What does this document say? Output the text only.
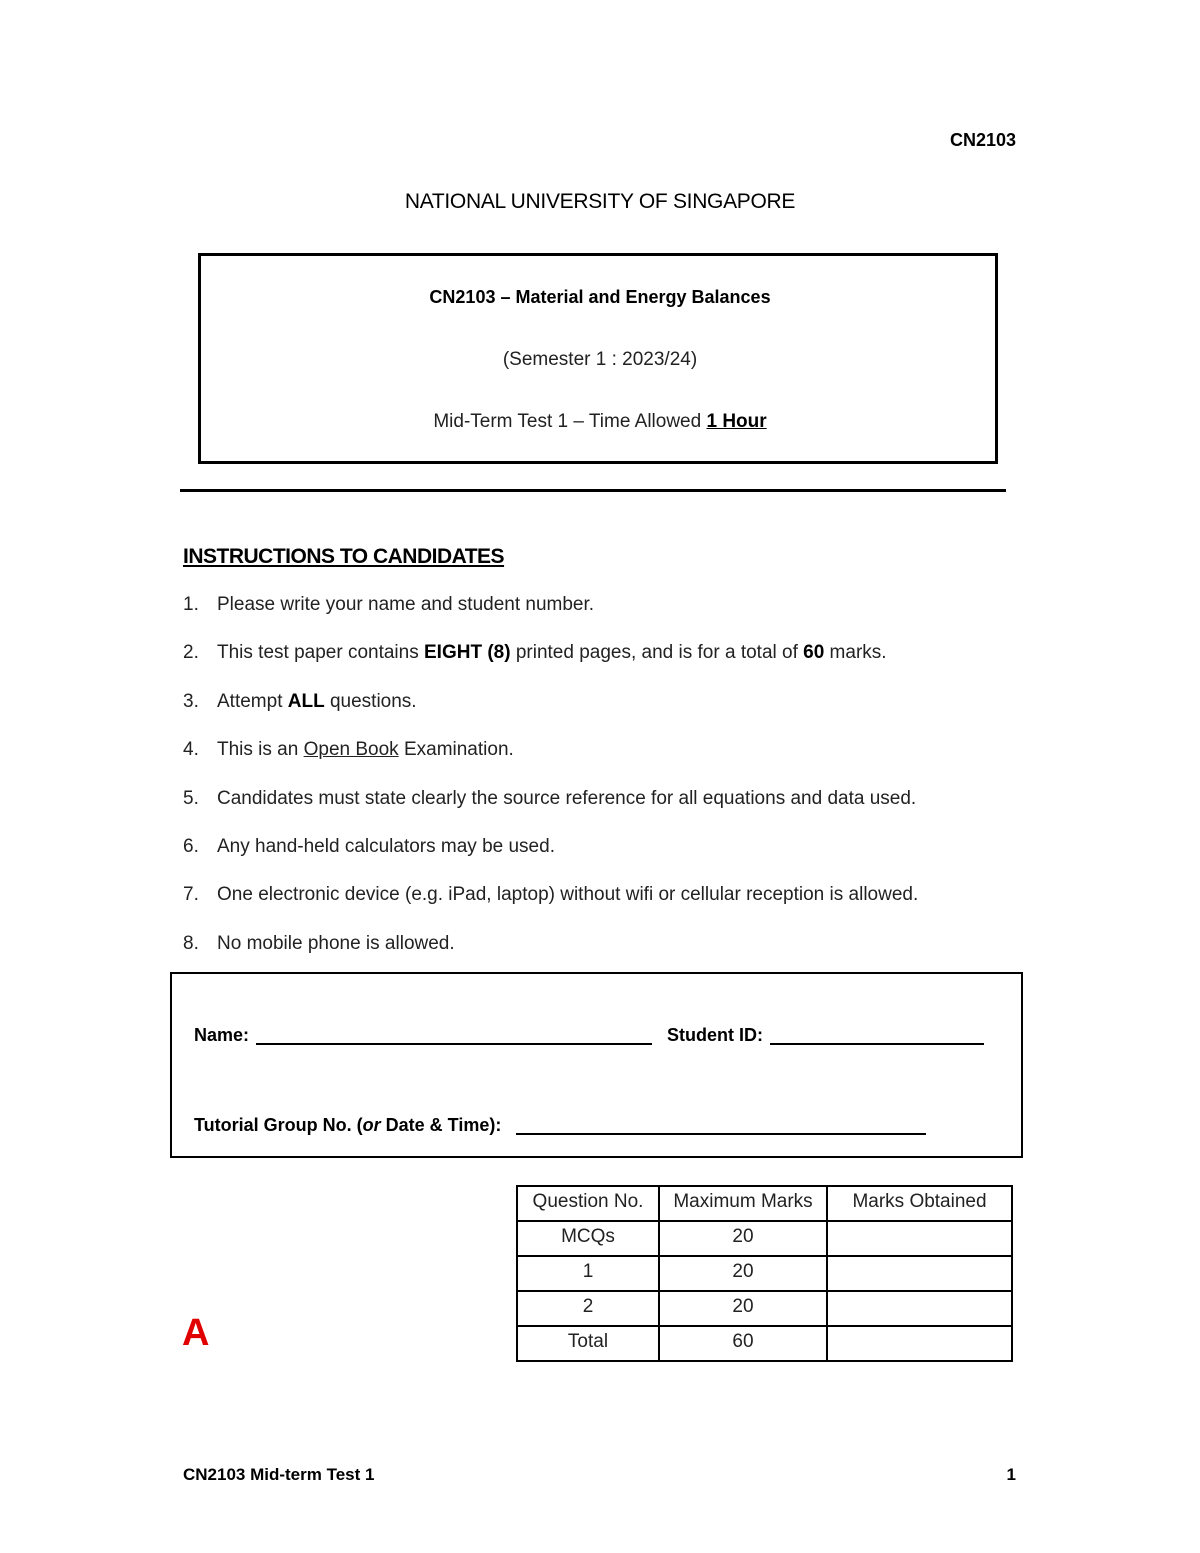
CN2103
NATIONAL UNIVERSITY OF SINGAPORE
CN2103 – Material and Energy Balances
(Semester 1 : 2023/24)
Mid-Term Test 1 – Time Allowed 1 Hour
INSTRUCTIONS TO CANDIDATES
1. Please write your name and student number.
2. This test paper contains EIGHT (8) printed pages, and is for a total of 60 marks.
3. Attempt ALL questions.
4. This is an Open Book Examination.
5. Candidates must state clearly the source reference for all equations and data used.
6. Any hand-held calculators may be used.
7. One electronic device (e.g. iPad, laptop) without wifi or cellular reception is allowed.
8. No mobile phone is allowed.
Name:	Student ID:
Tutorial Group No. (or Date & Time):
Question No.	Maximum Marks	Marks Obtained
MCQs	20	
1	20	
2	20	
Total	60	
A
CN2103 Mid-term Test 1	1
